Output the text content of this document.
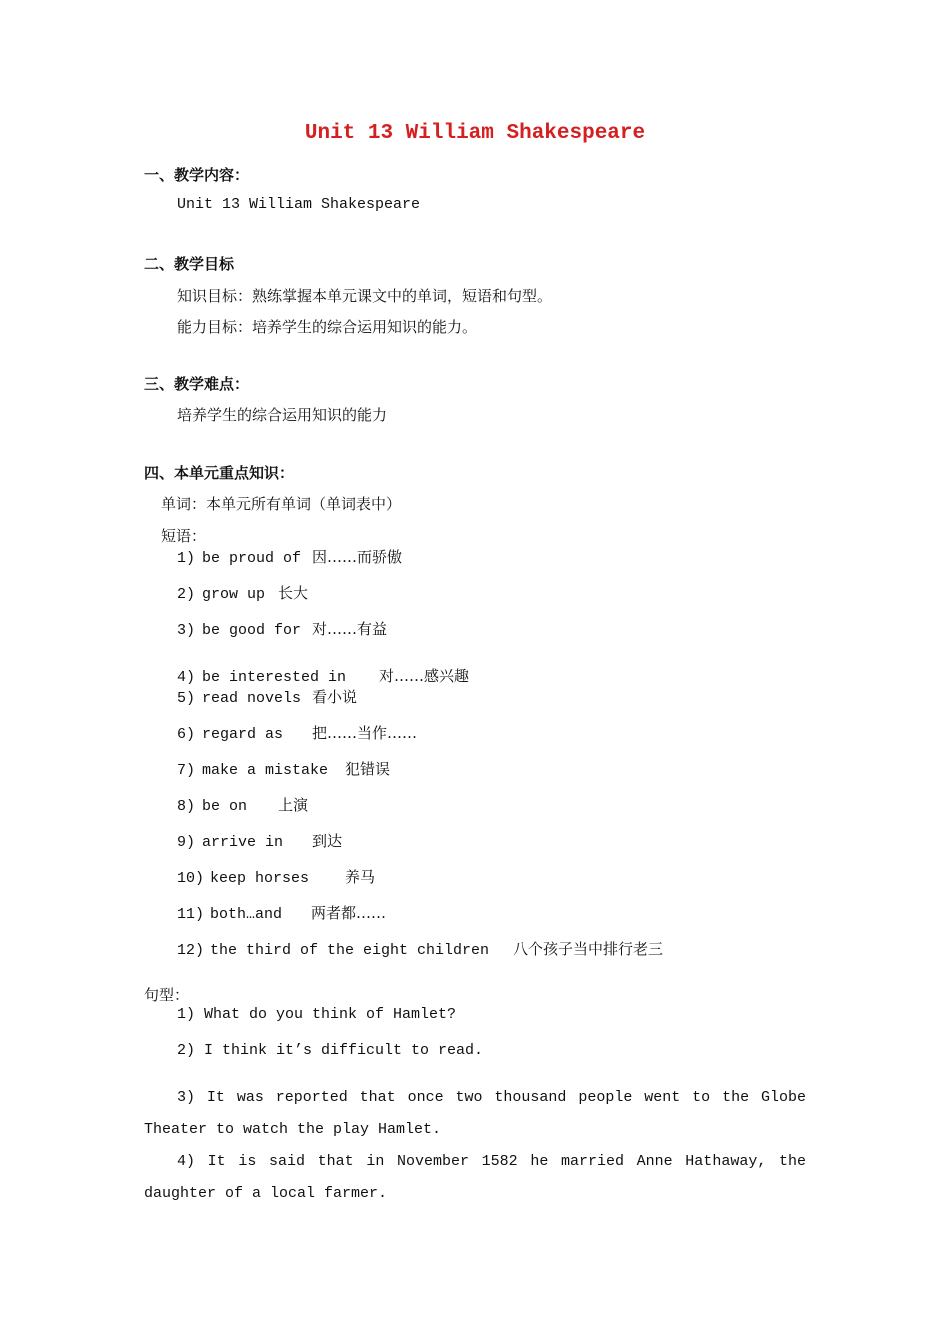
Unit 13 William Shakespeare

一、教学内容：

Unit 13 William Shakespeare

二、教学目标

知识目标：熟练掌握本单元课文中的单词，短语和句型。

能力目标：培养学生的综合运用知识的能力。

三、教学难点：

培养学生的综合运用知识的能力

四、本单元重点知识：

单词：本单元所有单词（单词表中）

短语：

1) be proud of 因……而骄傲

2) grow up 长大

3) be good for 对……有益

4) be interested in 对……感兴趣

5) read novels 看小说

6) regard as 把……当作……

7) make a mistake 犯错误

8) be on 上演

9) arrive in 到达

10) keep horses 养马

11) both…and 两者都……

12) the third of the eight children 八个孩子当中排行老三

句型：

1) What do you think of Hamlet?

2) I think it’s difficult to read.

3) It was reported that once two thousand people went to the Globe Theater to watch the play Hamlet.

4) It is said that in November 1582 he married Anne Hathaway, the daughter of a local farmer.
